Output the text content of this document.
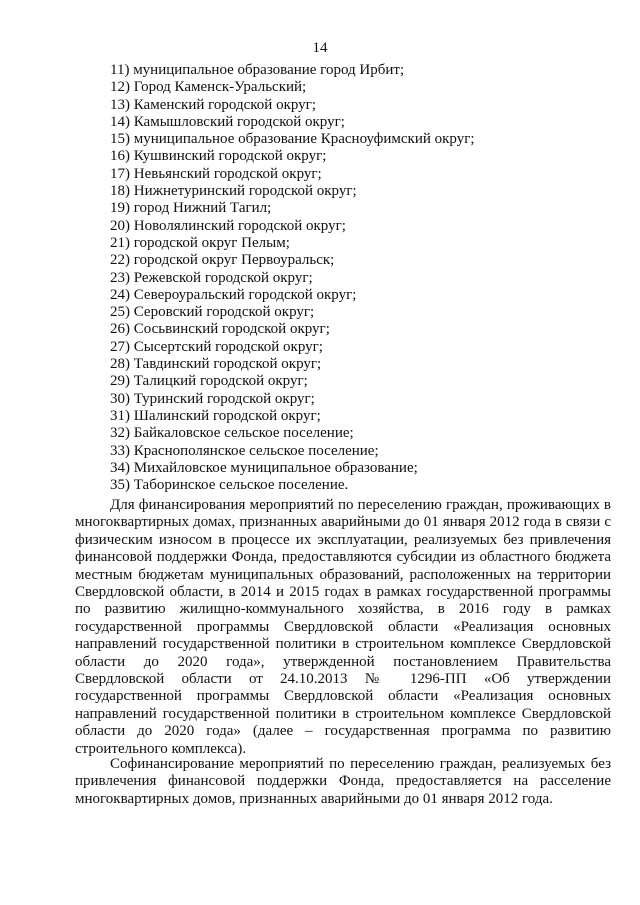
14
11) муниципальное образование город Ирбит;
12) Город Каменск-Уральский;
13) Каменский городской округ;
14) Камышловский городской округ;
15) муниципальное образование Красноуфимский округ;
16) Кушвинский городской округ;
17) Невьянский городской округ;
18) Нижнетуринский городской округ;
19) город Нижний Тагил;
20) Новолялинский городской округ;
21) городской округ Пелым;
22) городской округ Первоуральск;
23) Режевской городской округ;
24) Североуральский городской округ;
25) Серовский городской округ;
26) Сосьвинский городской округ;
27) Сысертский городской округ;
28) Тавдинский городской округ;
29) Талицкий городской округ;
30) Туринский городской округ;
31) Шалинский городской округ;
32) Байкаловское сельское поселение;
33) Краснополянское сельское поселение;
34) Михайловское муниципальное образование;
35) Таборинское сельское поселение.

Для финансирования мероприятий по переселению граждан, проживающих в многоквартирных домах, признанных аварийными до 01 января 2012 года в связи с физическим износом в процессе их эксплуатации, реализуемых без привлечения финансовой поддержки Фонда, предоставляются субсидии из областного бюджета местным бюджетам муниципальных образований, расположенных на территории Свердловской области, в 2014 и 2015 годах в рамках государственной программы по развитию жилищно-коммунального хозяйства, в 2016 году в рамках государственной программы Свердловской области «Реализация основных направлений государственной политики в строительном комплексе Свердловской области до 2020 года», утвержденной постановлением Правительства Свердловской области от 24.10.2013 № 1296-ПП «Об утверждении государственной программы Свердловской области «Реализация основных направлений государственной политики в строительном комплексе Свердловской области до 2020 года» (далее – государственная программа по развитию строительного комплекса).

Софинансирование мероприятий по переселению граждан, реализуемых без привлечения финансовой поддержки Фонда, предоставляется на расселение многоквартирных домов, признанных аварийными до 01 января 2012 года.
